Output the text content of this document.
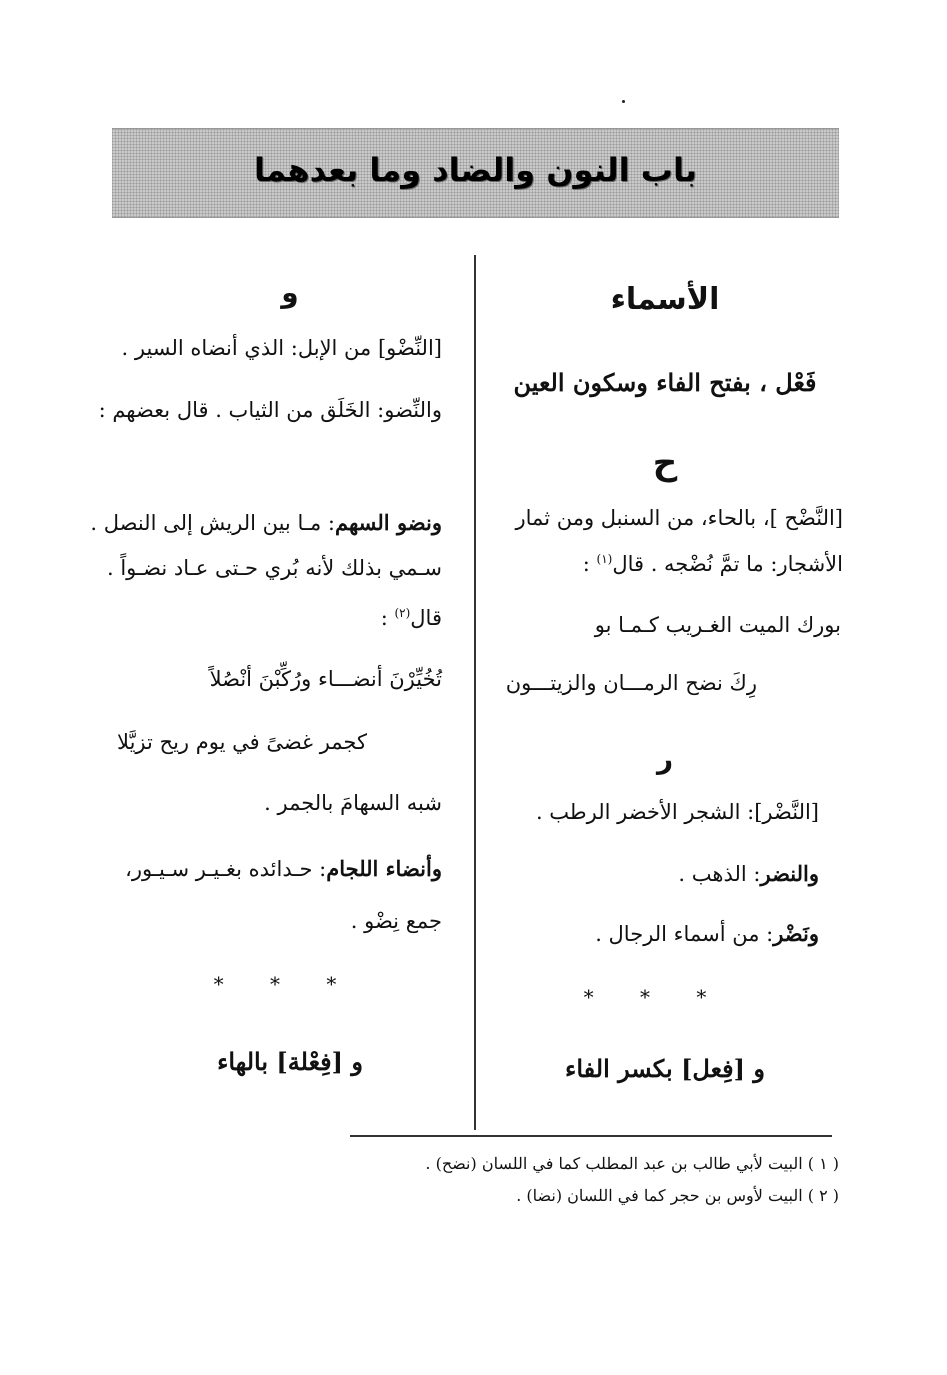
باب النون والضاد وما بعدهما
الأسماء
فَعْل ، بفتح الفاء وسكون العين
ح
[النَّضْح ]، بالحاء، من السنبل ومن ثمار
الأشجار: ما تمَّ نُضْجه . قال$^{(١)}$ :
بورك الميت الغـريب كـمـا بو
رِكَ نضح الرمـــان والزيتـــون
ر
[النَّضْر]: الشجر الأخضر الرطب .
والنضر: الذهب .
ونَضْر: من أسماء الرجال .
* * *
و [فِعل] بكسر الفاء
و
[النِّضْو] من الإبل: الذي أنضاه السير .
والنِّضو: الخَلَق من الثياب . قال بعضهم :
ونضو السهم: مـا بين الريش إلى النصل .
سـمي بذلك لأنه بُري حـتى عـاد نضـواً .
قال$^{(٢)}$ :
تُخُيِّرْنَ أنضـــاء ورُكِّبْنَ أنْصُلاً
كجمر غضىً في يوم ريح تزيَّلا
شبه السهامَ بالجمر .
وأنضاء اللجام: حـدائده بغـيـر سـيـور،
جمع نِضْو .
* * *
و [فِعْلة] بالهاء
( ١ ) البيت لأبي طالب بن عبد المطلب كما في اللسان (نضح) .
( ٢ ) البيت لأوس بن حجر كما في اللسان (نضا) .
